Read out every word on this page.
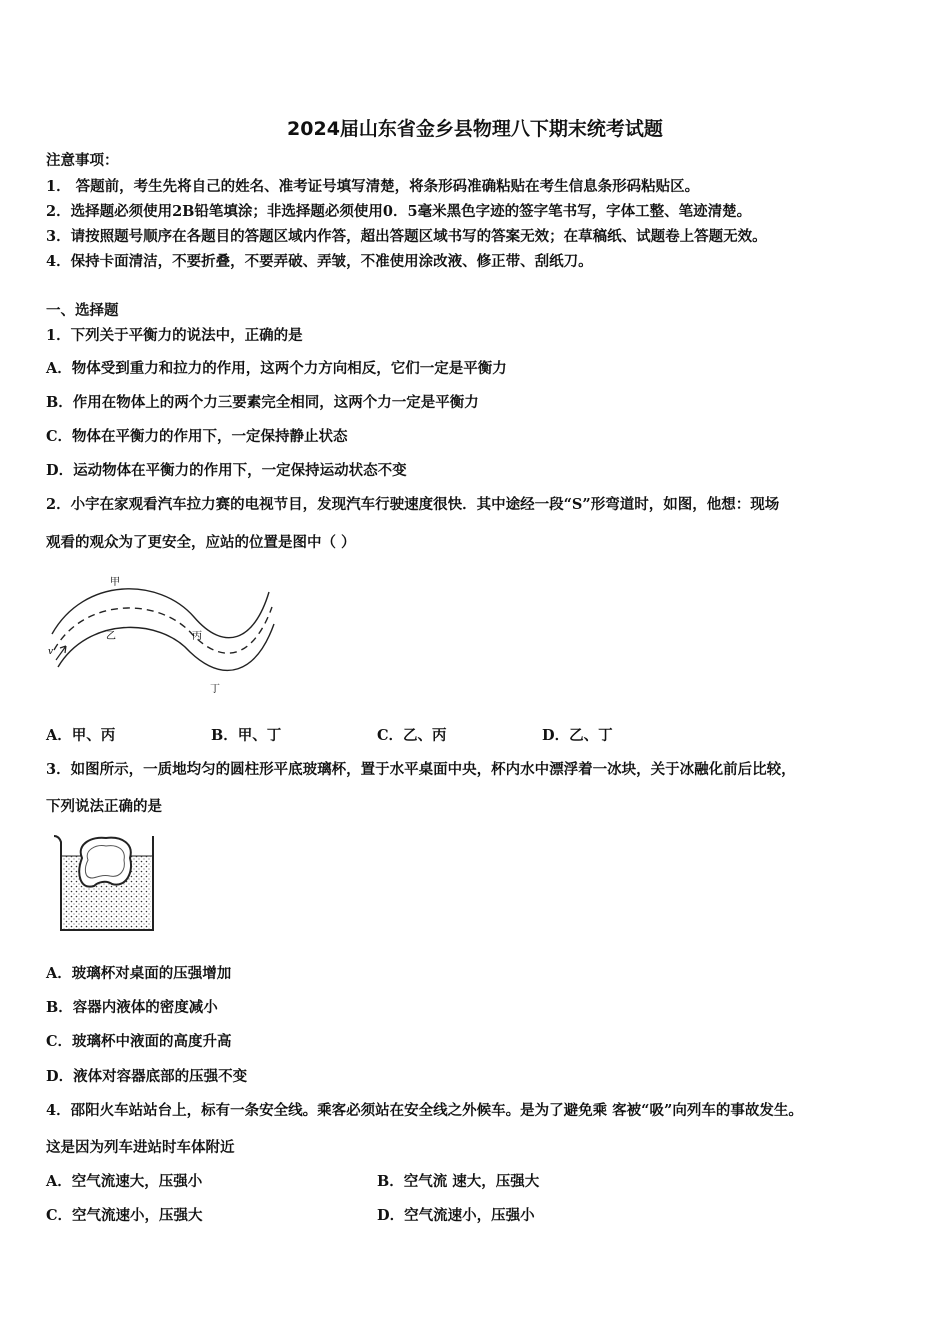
2024届山东省金乡县物理八下期末统考试题
注意事项：
1． 答题前，考生先将自己的姓名、准考证号填写清楚，将条形码准确粘贴在考生信息条形码粘贴区。
2．选择题必须使用2B铅笔填涂；非选择题必须使用0．5毫米黑色字迹的签字笔书写，字体工整、笔迹清楚。
3．请按照题号顺序在各题目的答题区域内作答，超出答题区域书写的答案无效；在草稿纸、试题卷上答题无效。
4．保持卡面清洁，不要折叠，不要弄破、弄皱，不准使用涂改液、修正带、刮纸刀。
一、选择题
1．下列关于平衡力的说法中，正确的是
A．物体受到重力和拉力的作用，这两个力方向相反，它们一定是平衡力
B．作用在物体上的两个力三要素完全相同，这两个力一定是平衡力
C．物体在平衡力的作用下，一定保持静止状态
D．运动物体在平衡力的作用下，一定保持运动状态不变
2．小宇在家观看汽车拉力赛的电视节目，发现汽车行驶速度很快．其中途经一段“S”形弯道时，如图，他想：现场
观看的观众为了更安全，应站的位置是图中（ ）
甲
乙	丙
丁
v
A．甲、丙	B．甲、丁	C．乙、丙	D．乙、丁
3．如图所示，一质地均匀的圆柱形平底玻璃杯，置于水平桌面中央，杯内水中漂浮着一冰块，关于冰融化前后比较，
下列说法正确的是
A．玻璃杯对桌面的压强增加
B．容器内液体的密度减小
C．玻璃杯中液面的高度升高
D．液体对容器底部的压强不变
4．邵阳火车站站台上，标有一条安全线。乘客必须站在安全线之外候车。是为了避免乘 客被“吸”向列车的事故发生。
这是因为列车进站时车体附近
A．空气流速大，压强小	B．空气流 速大，压强大
C．空气流速小，压强大	D．空气流速小，压强小
